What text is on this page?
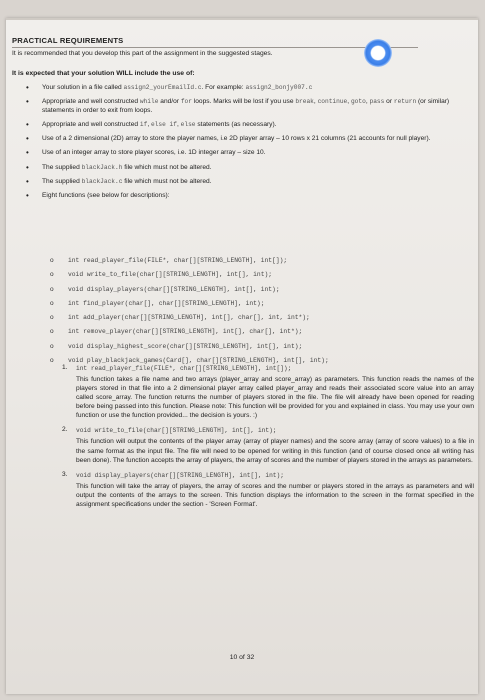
PRACTICAL REQUIREMENTS
It is recommended that you develop this part of the assignment in the suggested stages.
It is expected that your solution WILL include the use of:
• Your solution in a file called assign2_yourEmailId.c. For example: assign2_bonjy007.c
• Appropriate and well constructed while and/or for loops. Marks will be lost if you use break, continue, goto, pass or return (or similar) statements in order to exit from loops.
• Appropriate and well constructed if, else if, else statements (as necessary).
• Use of a 2 dimensional (2D) array to store the player names, i.e 2D player array – 10 rows x 21 columns (21 accounts for null player).
• Use of an integer array to store player scores, i.e. 1D integer array – size 10.
• The supplied blackJack.h file which must not be altered.
• The supplied blackJack.c file which must not be altered.
• Eight functions (see below for descriptions):
o int read_player_file(FILE*, char[][STRING_LENGTH], int[]);
o void write_to_file(char[][STRING_LENGTH], int[], int);
o void display_players(char[][STRING_LENGTH], int[], int);
o int find_player(char[], char[][STRING_LENGTH], int);
o int add_player(char[][STRING_LENGTH], int[], char[], int, int*);
o int remove_player(char[][STRING_LENGTH], int[], char[], int*);
o void display_highest_score(char[][STRING_LENGTH], int[], int);
o void play_blackjack_games(Card[], char[][STRING_LENGTH], int[], int);
1. int read_player_file(FILE*, char[][STRING_LENGTH], int[]);
This function takes a file name and two arrays (player_array and score_array) as parameters. This function reads the names of the players stored in that file into a 2 dimensional player array called player_array and reads their associated score value into an array called score_array. The function returns the number of players stored in the file. The file will already have been opened for reading before being passed into this function. Please note: This function will be provided for you and explained in class. You may use your own function or use the function provided... the decision is yours. :)
2. void write_to_file(char[][STRING_LENGTH], int[], int);
This function will output the contents of the player array (array of player names) and the score array (array of score values) to a file in the same format as the input file. The file will need to be opened for writing in this function (and of course closed once all writing has been done). The function accepts the array of players, the array of scores and the number of players stored in the arrays as parameters.
3. void display_players(char[][STRING_LENGTH], int[], int);
This function will take the array of players, the array of scores and the number or players stored in the arrays as parameters and will output the contents of the arrays to the screen. This function displays the information to the screen in the format specified in the assignment specifications under the section - 'Screen Format'.
10 of 32
